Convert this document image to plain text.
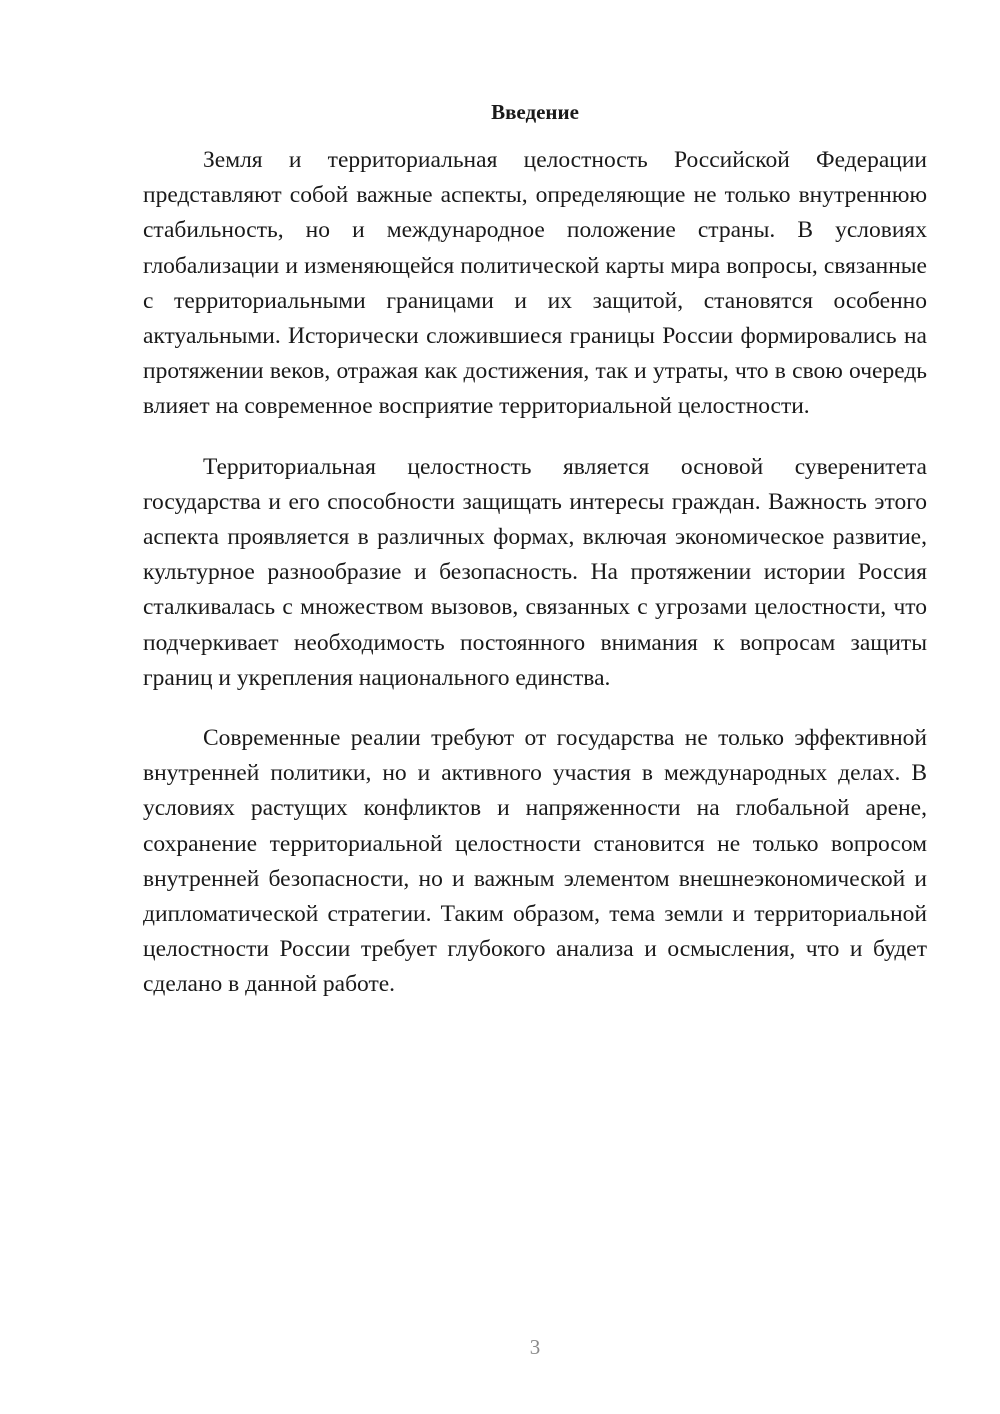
Введение

Земля и территориальная целостность Российской Федерации представляют собой важные аспекты, определяющие не только внутреннюю стабильность, но и международное положение страны. В условиях глобализации и изменяющейся политической карты мира вопросы, связанные с территориальными границами и их защитой, становятся особенно актуальными. Исторически сложившиеся границы России формировались на протяжении веков, отражая как достижения, так и утраты, что в свою очередь влияет на современное восприятие территориальной целостности.

Территориальная целостность является основой суверенитета государства и его способности защищать интересы граждан. Важность этого аспекта проявляется в различных формах, включая экономическое развитие, культурное разнообразие и безопасность. На протяжении истории Россия сталкивалась с множеством вызовов, связанных с угрозами целостности, что подчеркивает необходимость постоянного внимания к вопросам защиты границ и укрепления национального единства.

Современные реалии требуют от государства не только эффективной внутренней политики, но и активного участия в международных делах. В условиях растущих конфликтов и напряженности на глобальной арене, сохранение территориальной целостности становится не только вопросом внутренней безопасности, но и важным элементом внешнеэкономической и дипломатической стратегии. Таким образом, тема земли и территориальной целостности России требует глубокого анализа и осмысления, что и будет сделано в данной работе.

3
